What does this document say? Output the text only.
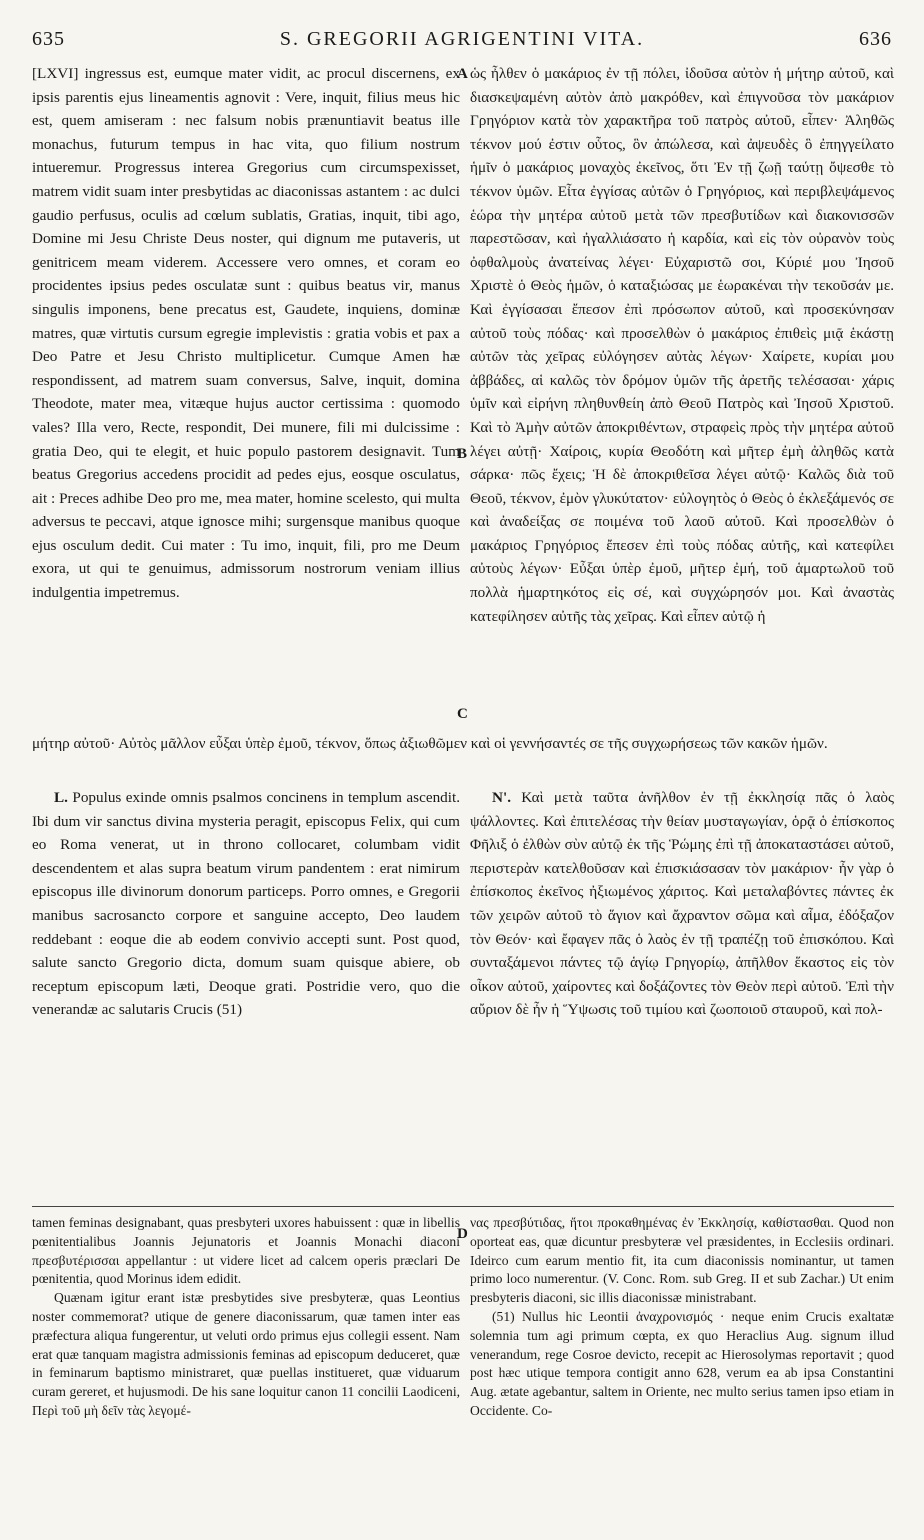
635	S. GREGORII AGRIGENTINI VITA.	636
A
B
C
D

[LXVI] ingressus est, eumque mater vidit, ac procul discernens, ex ipsis parentis ejus lineamentis agnovit : Vere, inquit, filius meus hic est, quem amiseram : nec falsum nobis prænuntiavit beatus ille monachus, futurum tempus in hac vita, quo filium nostrum intueremur. Progressus interea Gregorius cum circumspexisset, matrem vidit suam inter presbytidas ac diaconissas astantem : ac dulci gaudio perfusus, oculis ad cœlum sublatis, Gratias, inquit, tibi ago, Domine mi Jesu Christe Deus noster, qui dignum me putaveris, ut genitricem meam viderem. Accessere vero omnes, et coram eo procidentes ipsius pedes osculatæ sunt : quibus beatus vir, manus singulis imponens, bene precatus est, Gaudete, inquiens, dominæ matres, quæ virtutis cursum egregie implevistis : gratia vobis et pax a Deo Patre et Jesu Christo multiplicetur. Cumque Amen hæ respondissent, ad matrem suam conversus, Salve, inquit, domina Theodote, mater mea, vitæque hujus auctor certissima : quomodo vales? Illa vero, Recte, respondit, Dei munere, fili mi dulcissime : gratia Deo, qui te elegit, et huic populo pastorem designavit. Tum beatus Gregorius accedens procidit ad pedes ejus, eosque osculatus, ait : Preces adhibe Deo pro me, mea mater, homine scelesto, qui multa adversus te peccavi, atque ignosce mihi; surgensque manibus quoque ejus osculum dedit. Cui mater : Tu imo, inquit, fili, pro me Deum exora, ut qui te genuimus, admissorum nostrorum veniam illius indulgentia impetremus.

ὡς ἦλθεν ὁ μακάριος ἐν τῇ πόλει, ἰδοῦσα αὐτὸν ἡ μήτηρ αὐτοῦ, καὶ διασκεψαμένη αὐτὸν ἀπὸ μακρόθεν, καὶ ἐπιγνοῦσα τὸν μακάριον Γρηγόριον κατὰ τὸν χαρακτῆρα τοῦ πατρὸς αὐτοῦ, εἶπεν· Ἀληθῶς τέκνον μού ἐστιν οὗτος, ὃν ἀπώλεσα, καὶ ἀψευδὲς ὃ ἐπηγγείλατο ἡμῖν ὁ μακάριος μοναχὸς ἐκεῖνος, ὅτι Ἐν τῇ ζωῇ ταύτῃ ὄψεσθε τὸ τέκνον ὑμῶν. Εἶτα ἐγγίσας αὐτῶν ὁ Γρηγόριος, καὶ περιβλεψάμενος ἑώρα τὴν μητέρα αὐτοῦ μετὰ τῶν πρεσβυτίδων καὶ διακονισσῶν παρεστῶσαν, καὶ ἠγαλλιάσατο ἡ καρδία, καὶ εἰς τὸν οὐρανὸν τοὺς ὀφθαλμοὺς ἀνατείνας λέγει· Εὐχαριστῶ σοι, Κύριέ μου Ἰησοῦ Χριστὲ ὁ Θεὸς ἡμῶν, ὁ καταξιώσας με ἑωρακέναι τὴν τεκοῦσάν με. Καὶ ἐγγίσασαι ἔπεσον ἐπὶ πρόσωπον αὐτοῦ, καὶ προσεκύνησαν αὐτοῦ τοὺς πόδας· καὶ προσελθὼν ὁ μακάριος ἐπιθεὶς μιᾷ ἑκάστῃ αὐτῶν τὰς χεῖρας εὐλόγησεν αὐτὰς λέγων· Χαίρετε, κυρίαι μου ἀββάδες, αἱ καλῶς τὸν δρόμον ὑμῶν τῆς ἀρετῆς τελέσασαι· χάρις ὑμῖν καὶ εἰρήνη πληθυνθείη ἀπὸ Θεοῦ Πατρὸς καὶ Ἰησοῦ Χριστοῦ. Καὶ τὸ Ἀμὴν αὐτῶν ἀποκριθέντων, στραφεὶς πρὸς τὴν μητέρα αὐτοῦ λέγει αὐτῇ· Χαίροις, κυρία Θεοδότη καὶ μῆτερ ἐμὴ ἀληθῶς κατὰ σάρκα· πῶς ἔχεις; Ἡ δὲ ἀποκριθεῖσα λέγει αὐτῷ· Καλῶς διὰ τοῦ Θεοῦ, τέκνον, ἐμὸν γλυκύτατον· εὐλογητὸς ὁ Θεὸς ὁ ἐκλεξάμενός σε καὶ ἀναδείξας σε ποιμένα τοῦ λαοῦ αὐτοῦ. Καὶ προσελθὼν ὁ μακάριος Γρηγόριος ἔπεσεν ἐπὶ τοὺς πόδας αὐτῆς, καὶ κατεφίλει αὐτοὺς λέγων· Εὖξαι ὑπὲρ ἐμοῦ, μῆτερ ἐμή, τοῦ ἁμαρτωλοῦ τοῦ πολλὰ ἡμαρτηκότος εἰς σέ, καὶ συγχώρησόν μοι. Καὶ ἀναστὰς κατεφίλησεν αὐτῆς τὰς χεῖρας. Καὶ εἶπεν αὐτῷ ἡ

μήτηρ αὐτοῦ· Αὐτὸς μᾶλλον εὖξαι ὑπὲρ ἐμοῦ, τέκνον, ὅπως ἀξιωθῶμεν καὶ οἱ γεννήσαντές σε τῆς συγχωρήσεως τῶν κακῶν ἡμῶν.

L. Populus exinde omnis psalmos concinens in templum ascendit. Ibi dum vir sanctus divina mysteria peragit, episcopus Felix, qui cum eo Roma venerat, ut in throno collocaret, columbam vidit descendentem et alas supra beatum virum pandentem : erat nimirum episcopus ille divinorum donorum particeps. Porro omnes, e Gregorii manibus sacrosancto corpore et sanguine accepto, Deo laudem reddebant : eoque die ab eodem convivio accepti sunt. Post quod, salute sancto Gregorio dicta, domum suam quisque abiere, ob receptum episcopum læti, Deoque grati. Postridie vero, quo die venerandæ ac salutaris Crucis (51)

Ν'. Καὶ μετὰ ταῦτα ἀνῆλθον ἐν τῇ ἐκκλησίᾳ πᾶς ὁ λαὸς ψάλλοντες. Καὶ ἐπιτελέσας τὴν θείαν μυσταγωγίαν, ὁρᾷ ὁ ἐπίσκοπος Φῆλιξ ὁ ἐλθὼν σὺν αὐτῷ ἐκ τῆς Ῥώμης ἐπὶ τῇ ἀποκαταστάσει αὐτοῦ, περιστερὰν κατελθοῦσαν καὶ ἐπισκιάσασαν τὸν μακάριον· ἦν γὰρ ὁ ἐπίσκοπος ἐκεῖνος ἠξιωμένος χάριτος. Καὶ μεταλαβόντες πάντες ἐκ τῶν χειρῶν αὐτοῦ τὸ ἅγιον καὶ ἄχραντον σῶμα καὶ αἷμα, ἐδόξαζον τὸν Θεόν· καὶ ἔφαγεν πᾶς ὁ λαὸς ἐν τῇ τραπέζῃ τοῦ ἐπισκόπου. Καὶ συνταξάμενοι πάντες τῷ ἁγίῳ Γρηγορίῳ, ἀπῆλθον ἕκαστος εἰς τὸν οἶκον αὐτοῦ, χαίροντες καὶ δοξάζοντες τὸν Θεὸν περὶ αὐτοῦ. Ἐπὶ τὴν αὔριον δὲ ἦν ἡ Ὕψωσις τοῦ τιμίου καὶ ζωοποιοῦ σταυροῦ, καὶ πολ-

tamen feminas designabant, quas presbyteri uxores habuissent : quæ in libellis pœnitentialibus Joannis Jejunatoris et Joannis Monachi diaconi πρεσβυτέρισσαι appellantur : ut videre licet ad calcem operis præclari De pœnitentia, quod Morinus idem edidit.

Quænam igitur erant istæ presbytides sive presbyteræ, quas Leontius noster commemorat? utique de genere diaconissarum, quæ tamen inter eas præfectura aliqua fungerentur, ut veluti ordo primus ejus collegii essent. Nam erat quæ tanquam magistra admissionis feminas ad episcopum deduceret, quæ in feminarum baptismo ministraret, quæ puellas institueret, quæ viduarum curam gereret, et hujusmodi. De his sane loquitur canon 11 concilii Laodiceni, Περὶ τοῦ μὴ δεῖν τὰς λεγομέ-

νας πρεσβύτιδας, ἤτοι προκαθημένας ἐν Ἐκκλησίᾳ, καθίστασθαι. Quod non oporteat eas, quæ dicuntur presbyteræ vel præsidentes, in Ecclesiis ordinari. Ideirco cum earum mentio fit, ita cum diaconissis nominantur, ut tamen primo loco numerentur. (V. Conc. Rom. sub Greg. II et sub Zachar.) Ut enim presbyteris diaconi, sic illis diaconissæ ministrabant.

(51) Nullus hic Leontii ἀναχρονισμός · neque enim Crucis exaltatæ solemnia tum agi primum cœpta, ex quo Heraclius Aug. signum illud venerandum, rege Cosroe devicto, recepit ac Hierosolymas reportavit ; quod post hæc utique tempora contigit anno 628, verum ea ab ipsa Constantini Aug. ætate agebantur, saltem in Oriente, nec multo serius tamen ipso etiam in Occidente. Co-
